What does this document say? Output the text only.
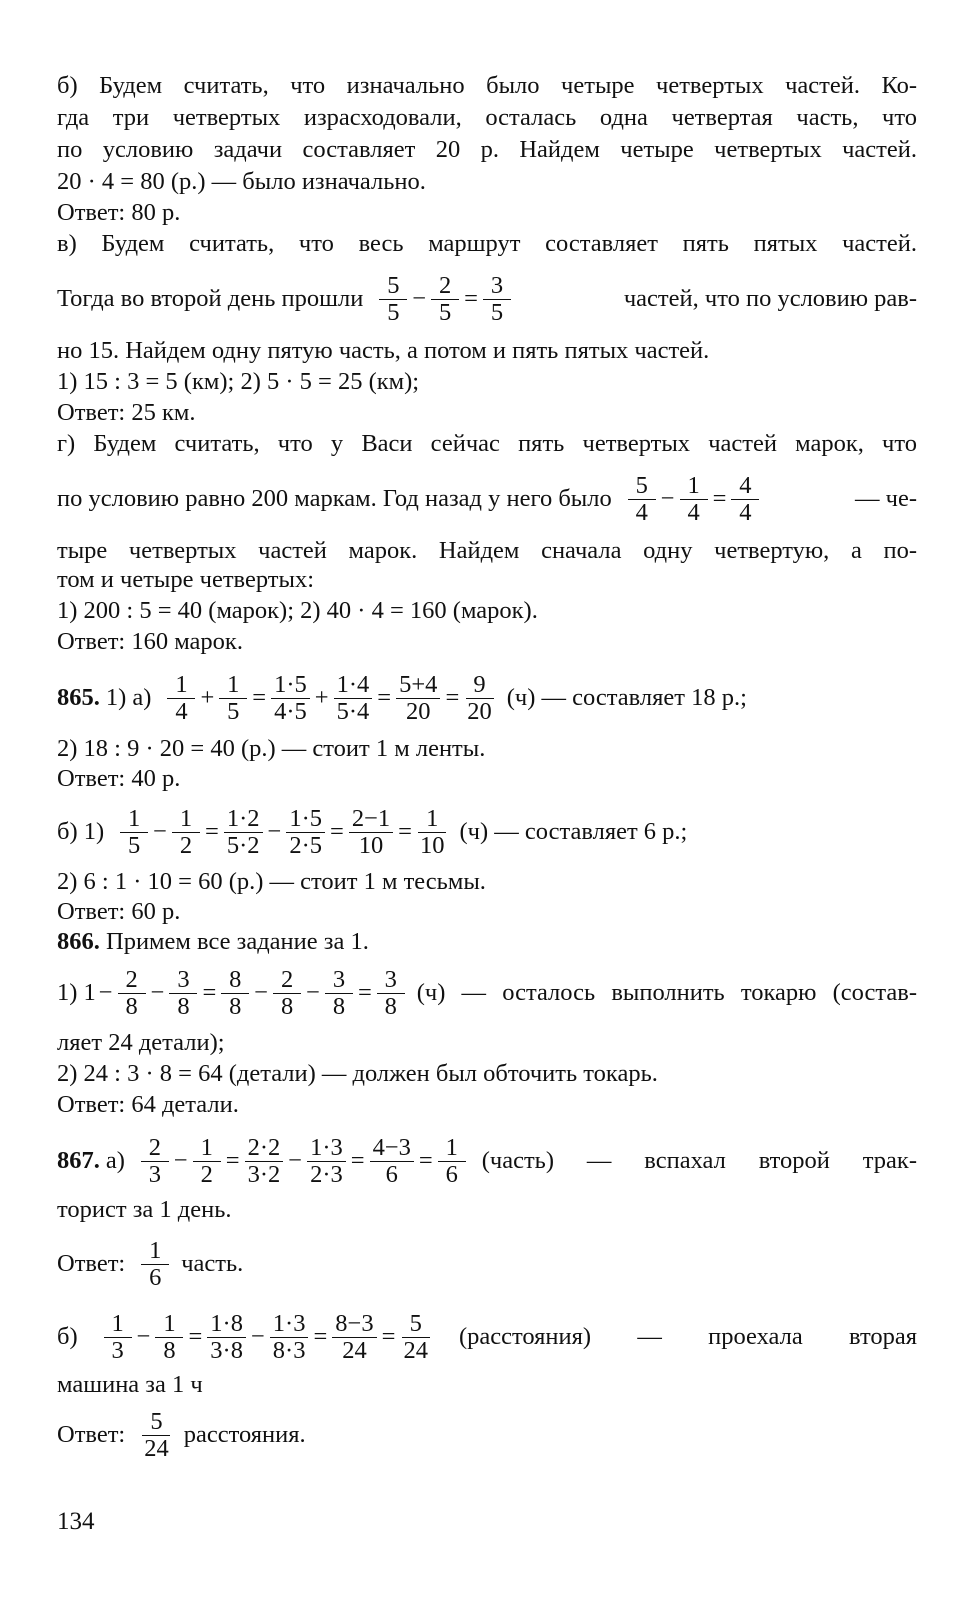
б) Будем считать, что изначально было четыре четвертых частей. Ко-
гда три четвертых израсходовали, осталась одна четвертая часть, что
по условию задачи составляет 20 р. Найдем четыре четвертых частей.
20 · 4 = 80 (р.) — было изначально.
Ответ: 80 р.
в) Будем считать, что весь маршрут составляет пять пятых частей.
Тогда во второй день прошли 5
$5 - \frac{2}{5} = \frac{3}{5}$	частей, что по условию рав-
но 15. Найдем одну пятую часть, а потом и пять пятых частей.
1) 15 : 3 = 5 (км); 2) 5 · 5 = 25 (км);
Ответ: 25 км.
г) Будем считать, что у Васи сейчас пять четвертых частей марок, что
по условию равно 200 маркам. Год назад у него было 5
$4 - \frac{1}{4} = \frac{4}{4}$	— че-
тыре четвертых частей марок. Найдем сначала одну четвертую, а по-
том и четыре четвертых:
1) 200 : 5 = 40 (марок); 2) 40 · 4 = 160 (марок).
Ответ: 160 марок.
865. 1) а) 1
$4 + \frac{1}{5} = \frac{1\cdot 5}{4\cdot 5} + \frac{1\cdot 4}{5\cdot 4} = \frac{5+4}{20} = \frac{9}{20} (ч)$ — составляет 18 р.;
2) 18 : 9 · 20 = 40 (р.) — стоит 1 м ленты.
Ответ: 40 р.
б) 1) 1
$5 - \frac{1}{2} = \frac{1\cdot 2}{5\cdot 2} - \frac{1\cdot 5}{2\cdot 5} = \frac{2-1}{10} = \frac{1}{10} (ч)$ — составляет 6 р.;
2) 6 : 1 · 10 = 60 (р.) — стоит 1 м тесьмы.
Ответ: 60 р.
866. Примем все задание за 1.
1) $1 - \frac{2}{8} - \frac{3}{8} = \frac{8}{8} - \frac{2}{8} - \frac{3}{8} = \frac{3}{8} (ч)$ — осталось выполнить токарю (состав-
ляет 24 детали);
2) 24 : 3 · 8 = 64 (детали) — должен был обточить токарь.
Ответ: 64 детали.
867. а) 2
$3 - \frac{1}{2} = \frac{2\cdot 2}{3\cdot 2} - \frac{1\cdot 3}{2\cdot 3} = \frac{4-3}{6} = \frac{1}{6}$ (часть) — вспахал второй трак-
торист за 1 день.
Ответ: 1
6 часть.
б)	1
$3 - \frac{1}{8} = \frac{1\cdot 8}{3\cdot 8} - \frac{1\cdot 3}{8\cdot 3} = \frac{8-3}{24} = \frac{5}{24}$ (расстояния) — проехала вторая
машина за 1 ч
Ответ:	5
24 расстояния.
134
